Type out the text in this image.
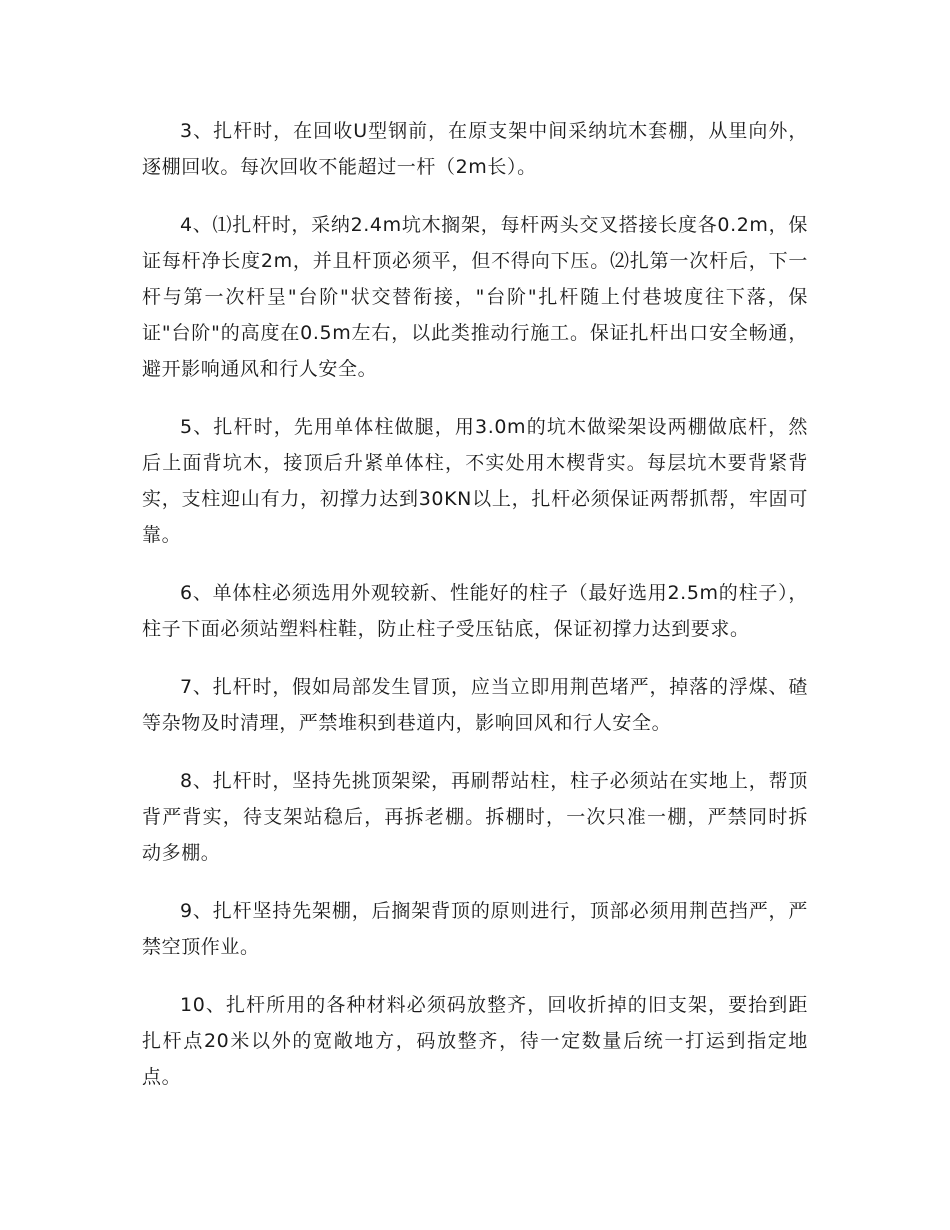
3、扎杆时，在回收U型钢前，在原支架中间采纳坑木套棚，从里向外，逐棚回收。每次回收不能超过一杆（2m长）。

4、⑴扎杆时，采纳2.4m坑木搁架，每杆两头交叉搭接长度各0.2m，保证每杆净长度2m，并且杆顶必须平，但不得向下压。⑵扎第一次杆后，下一杆与第一次杆呈"台阶"状交替衔接，"台阶"扎杆随上付巷坡度往下落，保证"台阶"的高度在0.5m左右，以此类推动行施工。保证扎杆出口安全畅通，避开影响通风和行人安全。

5、扎杆时，先用单体柱做腿，用3.0m的坑木做梁架设两棚做底杆，然后上面背坑木，接顶后升紧单体柱，不实处用木楔背实。每层坑木要背紧背实，支柱迎山有力，初撑力达到30KN以上，扎杆必须保证两帮抓帮，牢固可靠。

6、单体柱必须选用外观较新、性能好的柱子（最好选用2.5m的柱子），柱子下面必须站塑料柱鞋，防止柱子受压钻底，保证初撑力达到要求。

7、扎杆时，假如局部发生冒顶，应当立即用荆芭堵严，掉落的浮煤、碴等杂物及时清理，严禁堆积到巷道内，影响回风和行人安全。

8、扎杆时，坚持先挑顶架梁，再刷帮站柱，柱子必须站在实地上，帮顶背严背实，待支架站稳后，再拆老棚。拆棚时，一次只准一棚，严禁同时拆动多棚。

9、扎杆坚持先架棚，后搁架背顶的原则进行，顶部必须用荆芭挡严，严禁空顶作业。

10、扎杆所用的各种材料必须码放整齐，回收折掉的旧支架，要抬到距扎杆点20米以外的宽敞地方，码放整齐，待一定数量后统一打运到指定地点。
